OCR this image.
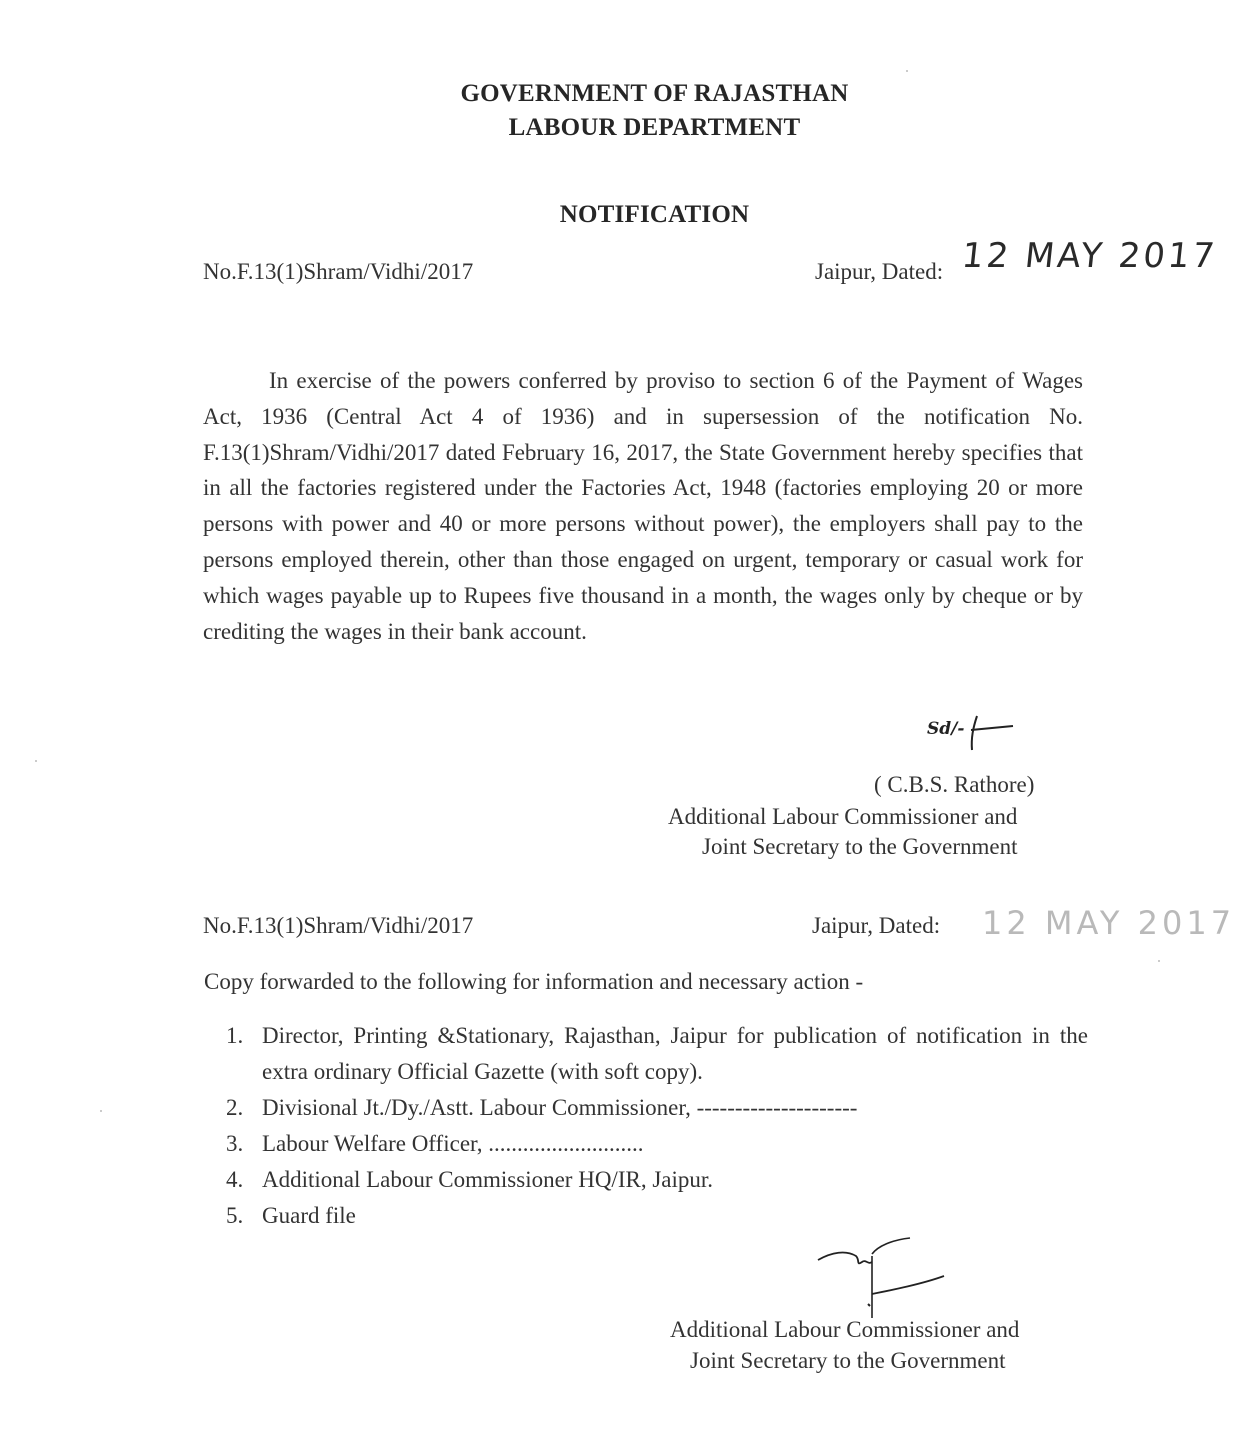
GOVERNMENT OF RAJASTHAN
LABOUR DEPARTMENT
NOTIFICATION
No.F.13(1)Shram/Vidhi/2017	Jaipur, Dated: 12 MAY 2017
In exercise of the powers conferred by proviso to section 6 of the Payment of Wages Act, 1936 (Central Act 4 of 1936) and in supersession of the notification No. F.13(1)Shram/Vidhi/2017 dated February 16, 2017, the State Government hereby specifies that in all the factories registered under the Factories Act, 1948 (factories employing 20 or more persons with power and 40 or more persons without power), the employers shall pay to the persons employed therein, other than those engaged on urgent, temporary or casual work for which wages payable up to Rupees five thousand in a month, the wages only by cheque or by crediting the wages in their bank account.
Sd/-
( C.B.S. Rathore)
Additional Labour Commissioner and
Joint Secretary to the Government
No.F.13(1)Shram/Vidhi/2017	Jaipur, Dated: 12 MAY 2017
Copy forwarded to the following for information and necessary action -
1. Director, Printing &Stationary, Rajasthan, Jaipur for publication of notification in the extra ordinary Official Gazette (with soft copy).
2. Divisional Jt./Dy./Astt. Labour Commissioner, ---------------------
3. Labour Welfare Officer, ...........................
4. Additional Labour Commissioner HQ/IR, Jaipur.
5. Guard file
Additional Labour Commissioner and
Joint Secretary to the Government
